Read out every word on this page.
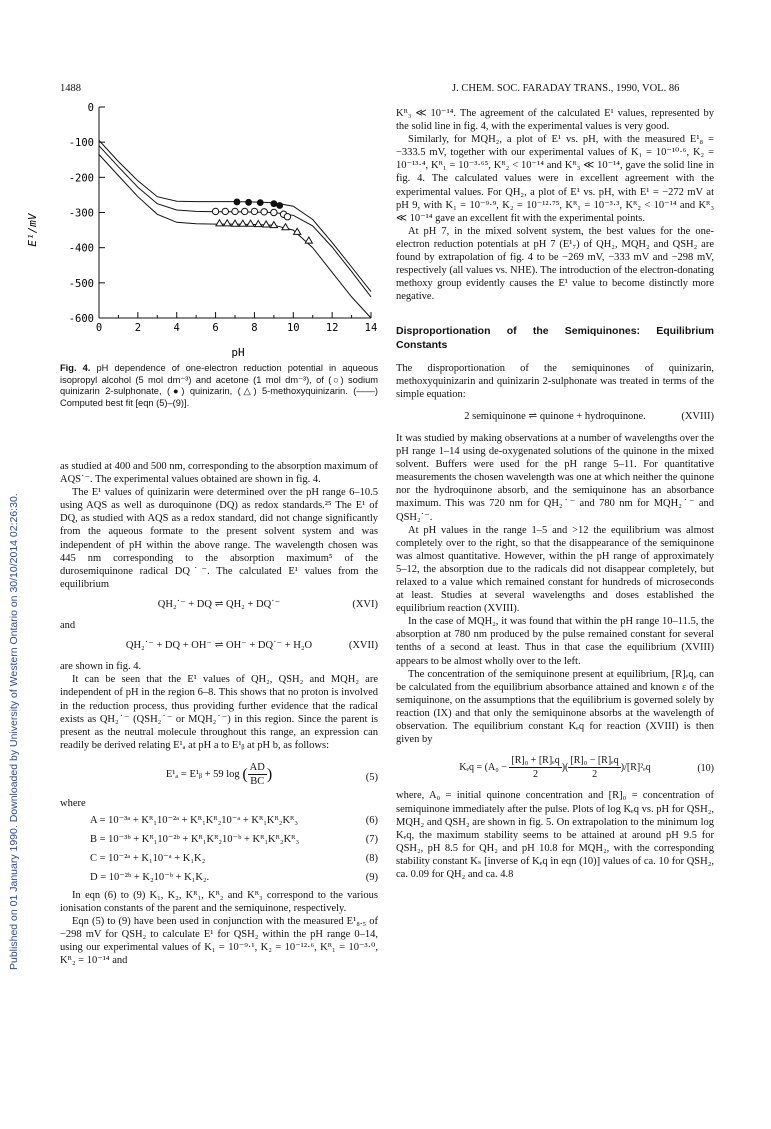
Published on 01 January 1990. Downloaded by University of Western Ontario on 30/10/2014 02:26:30.
1488	J. CHEM. SOC. FARADAY TRANS., 1990, VOL. 86
0
-100
-200
-300
-400
-500
-600
0	2	4	6	8	10 12 14
E¹/mV
pH
Fig. 4. pH dependence of one-electron reduction potential in aqueous isopropyl alcohol (5 mol dm⁻³) and acetone (1 mol dm⁻³), of (○) sodium quinizarin 2-sulphonate, (●) quinizarin, (△) 5-methoxyquinizarin. (——) Computed best fit [eqn (5)–(9)].

as studied at 400 and 500 nm, corresponding to the absorption maximum of AQS˙⁻. The experimental values obtained are shown in fig. 4.

The E¹ values of quinizarin were determined over the pH range 6–10.5 using AQS as well as duroquinone (DQ) as redox standards.²⁵ The E¹ of DQ, as studied with AQS as a redox standard, did not change significantly from the aqueous formate to the present solvent system and was independent of pH within the above range. The wavelength chosen was 445 nm corresponding to the absorption maximum⁵ of the durosemiquinone radical DQ˙⁻. The calculated E¹ values from the equilibrium

QH₂˙⁻ + DQ ⇌ QH₂ + DQ˙⁻	(XVI)

and

QH₂˙⁻ + DQ + OH⁻ ⇌ OH⁻ + DQ˙⁻ + H₂O	(XVII)

are shown in fig. 4.

It can be seen that the E¹ values of QH₂, QSH₂ and MQH₂ are independent of pH in the region 6–8. This shows that no proton is involved in the reduction process, thus providing further evidence that the radical exists as QH₂˙⁻ (QSH₂˙⁻ or MQH₂˙⁻) in this region. Since the parent is present as the neutral molecule throughout this range, an expression can readily be derived relating E¹ₐ at pH a to E¹ᵦ at pH b, as follows:

E¹ₐ = E¹ᵦ + 59 log ( $\frac{AD}{BC}$ )	(5)

where

A = 10⁻³ᵃ + Kᴿ₁10⁻²ᵃ + Kᴿ₁Kᴿ₂10⁻ᵃ + Kᴿ₁Kᴿ₂Kᴿ₃	(6)
B = 10⁻³ᵇ + Kᴿ₁10⁻²ᵇ + Kᴿ₁Kᴿ₂10⁻ᵇ + Kᴿ₁Kᴿ₂Kᴿ₃	(7)
C = 10⁻²ᵃ + K₁10⁻ᵃ + K₁K₂	(8)
D = 10⁻²ᵇ + K₂10⁻ᵇ + K₁K₂.	(9)

In eqn (6) to (9) K₁, K₂, Kᴿ₁, Kᴿ₂ and Kᴿ₃ correspond to the various ionisation constants of the parent and the semiquinone, respectively.

Eqn (5) to (9) have been used in conjunction with the measured E¹₈.₅ of −298 mV for QSH₂ to calculate E¹ for QSH₂ within the pH range 0–14, using our experimental values of K₁ = 10⁻⁹·¹, K₂ = 10⁻¹²·⁶, Kᴿ₁ = 10⁻³·⁰, Kᴿ₂ = 10⁻¹⁴ and

Kᴿ₃ ≪ 10⁻¹⁴. The agreement of the calculated E¹ values, represented by the solid line in fig. 4, with the experimental values is very good.

Similarly, for MQH₂, a plot of E¹ vs. pH, with the measured E¹₈ = −333.5 mV, together with our experimental values of K₁ = 10⁻¹⁰·⁶, K₂ = 10⁻¹³·⁴, Kᴿ₁ = 10⁻³·⁶⁵, Kᴿ₂ < 10⁻¹⁴ and Kᴿ₃ ≪ 10⁻¹⁴, gave the solid line in fig. 4. The calculated values were in excellent agreement with the experimental values. For QH₂, a plot of E¹ vs. pH, with E¹ = −272 mV at pH 9, with K₁ = 10⁻⁹·⁹, K₂ = 10⁻¹²·⁷⁵, Kᴿ₁ = 10⁻³·³, Kᴿ₂ < 10⁻¹⁴ and Kᴿ₃ ≪ 10⁻¹⁴ gave an excellent fit with the experimental points.

At pH 7, in the mixed solvent system, the best values for the one-electron reduction potentials at pH 7 (E¹₇) of QH₂, MQH₂ and QSH₂ are found by extrapolation of fig. 4 to be −269 mV, −333 mV and −298 mV, respectively (all values vs. NHE). The introduction of the electron-donating methoxy group evidently causes the E¹ value to become distinctly more negative.

Disproportionation of the Semiquinones: Equilibrium Constants

The disproportionation of the semiquinones of quinizarin, methoxyquinizarin and quinizarin 2-sulphonate was treated in terms of the simple equation:

2 semiquinone ⇌ quinone + hydroquinone.	(XVIII)

It was studied by making observations at a number of wavelengths over the pH range 1–14 using de-oxygenated solutions of the quinone in the mixed solvent. Buffers were used for the pH range 5–11. For quantitative measurements the chosen wavelength was one at which neither the quinone nor the hydroquinone absorb, and the semiquinone has an absorbance maximum. This was 720 nm for QH₂˙⁻ and 780 nm for MQH₂˙⁻ and QSH₂˙⁻.

At pH values in the range 1–5 and >12 the equilibrium was almost completely over to the right, so that the disappearance of the semiquinone was almost quantitative. However, within the pH range of approximately 5–12, the absorption due to the radicals did not disappear completely, but relaxed to a value which remained constant for hundreds of microseconds at least. Studies at several wavelengths and doses established the equilibrium reaction (XVIII).

In the case of MQH₂, it was found that within the pH range 10–11.5, the absorption at 780 nm produced by the pulse remained constant for several tenths of a second at least. Thus in that case the equilibrium (XVIII) appears to be almost wholly over to the left.

The concentration of the semiquinone present at equilibrium, [R]ₑq, can be calculated from the equilibrium absorbance attained and known ε of the semiquinone, on the assumptions that the equilibrium is governed solely by reaction (IX) and that only the semiquinone absorbs at the wavelength of observation. The equilibrium constant Kₑq for reaction (XVIII) is then given by

$K_eq = (A_0 - \frac{\text{[R]₀ + [R]ₑq}}{2}$ )( $\frac{\text{[R]₀ − [R]ₑq}}{2} )/[R]^2_eq$	(10)

where, A₀ = initial quinone concentration and [R]₀ = concentration of semiquinone immediately after the pulse. Plots of log Kₑq vs. pH for QSH₂, MQH₂ and QSH₂ are shown in fig. 5. On extrapolation to the minimum log Kₑq, the maximum stability seems to be attained at around pH 9.5 for QSH₂, pH 8.5 for QH₂ and pH 10.8 for MQH₂, with the corresponding stability constant Kₛ [inverse of Kₑq in eqn (10)] values of ca. 10 for QSH₂, ca. 0.09 for QH₂ and ca. 4.8
